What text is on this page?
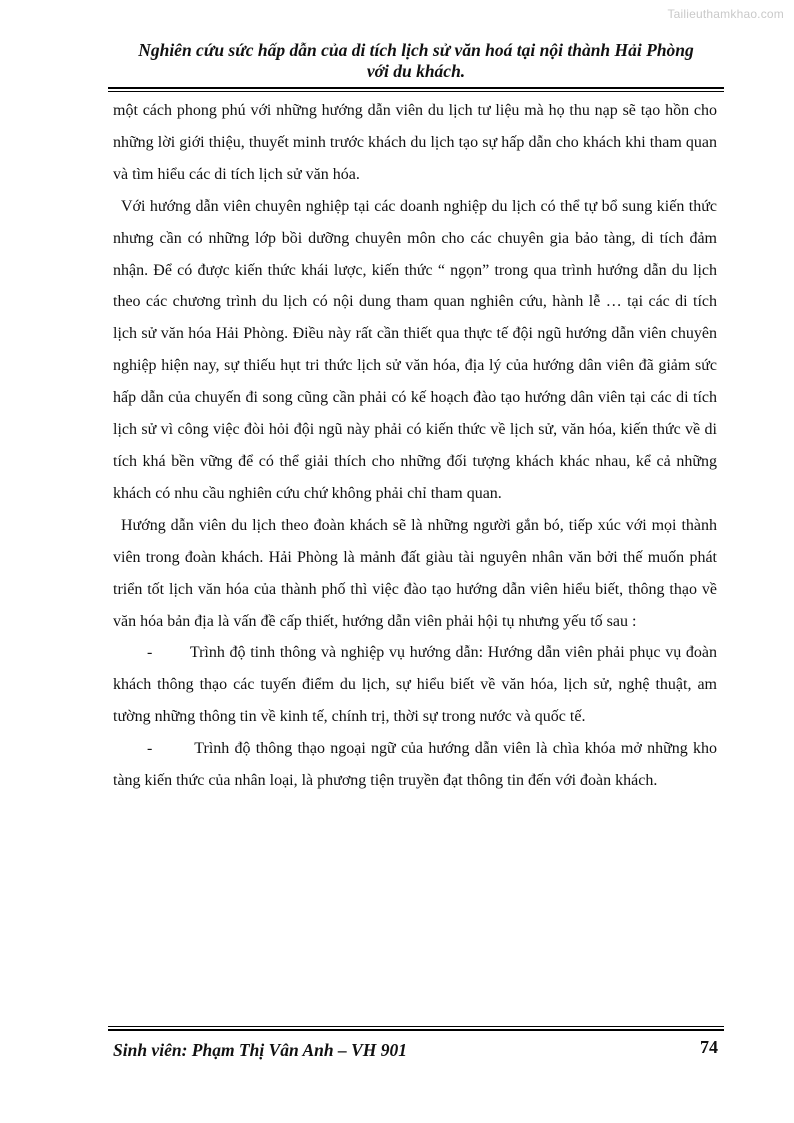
Tailieuthamkhao.com
Nghiên cứu sức hấp dẫn của di tích lịch sử văn hoá tại nội thành Hải Phòng
với du khách.

một cách phong phú với những hướng dẫn viên du lịch tư liệu mà họ thu nạp sẽ tạo hồn cho những lời giới thiệu, thuyết minh trước khách du lịch tạo sự hấp dẫn cho khách khi tham quan và tìm hiểu các di tích lịch sử văn hóa.

Với hướng dẫn viên chuyên nghiệp tại các doanh nghiệp du lịch có thể tự bổ sung kiến thức nhưng cần có những lớp bồi dưỡng chuyên môn cho các chuyên gia bảo tàng, di tích đảm nhận. Để có được kiến thức khái lược, kiến thức “ ngọn” trong qua trình hướng dẫn du lịch theo các chương trình du lịch có nội dung tham quan nghiên cứu, hành lễ … tại các di tích lịch sử văn hóa Hải Phòng. Điều này rất cần thiết qua thực tế đội ngũ hướng dẫn viên chuyên nghiệp hiện nay, sự thiếu hụt tri thức lịch sử văn hóa, địa lý của hướng dân viên đã giảm sức hấp dẫn của chuyến đi song cũng cần phải có kế hoạch đào tạo hướng dân viên tại các di tích lịch sử vì công việc đòi hỏi đội ngũ này phải có kiến thức về lịch sử, văn hóa, kiến thức về di tích khá bền vững để có thể giải thích cho những đối tượng khách khác nhau, kể cả những khách có nhu cầu nghiên cứu chứ không phải chỉ tham quan.

Hướng dẫn viên du lịch theo đoàn khách sẽ là những người gắn bó, tiếp xúc với mọi thành viên trong đoàn khách. Hải Phòng là mảnh đất giàu tài nguyên nhân văn bởi thế muốn phát triển tốt lịch văn hóa của thành phố thì việc đào tạo hướng dẫn viên hiểu biết, thông thạo về văn hóa bản địa là vấn đề cấp thiết, hướng dẫn viên phải hội tụ nhưng yếu tố sau :

-        Trình độ tinh thông và nghiệp vụ hướng dẫn: Hướng dẫn viên phải phục vụ đoàn khách thông thạo các tuyến điểm du lịch, sự hiểu biết về văn hóa, lịch sử, nghệ thuật, am tường những thông tin về kinh tế, chính trị, thời sự trong nước và quốc tế.

-        Trình độ thông thạo ngoại ngữ của hướng dẫn viên là chìa khóa mở những kho tàng kiến thức của nhân loại, là phương tiện truyền đạt thông tin đến với đoàn khách.

Sinh viên: Phạm Thị Vân Anh – VH 901	74
